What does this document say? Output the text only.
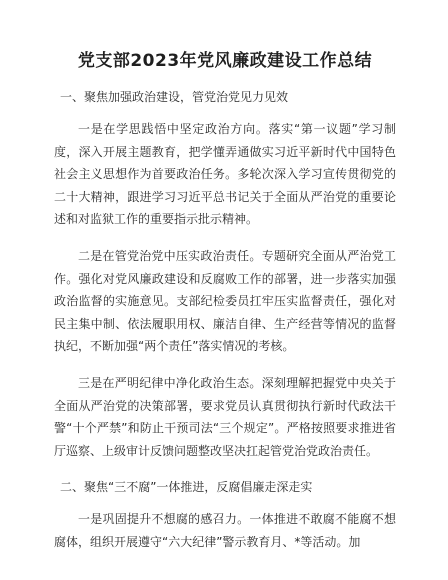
党支部2023年党风廉政建设工作总结

一、聚焦加强政治建设，管党治党见力见效

一是在学思践悟中坚定政治方向。落实“第一议题”学习制度，深入开展主题教育，把学懂弄通做实习近平新时代中国特色社会主义思想作为首要政治任务。多轮次深入学习宣传贯彻党的二十大精神，跟进学习习近平总书记关于全面从严治党的重要论述和对监狱工作的重要指示批示精神。

二是在管党治党中压实政治责任。专题研究全面从严治党工作。强化对党风廉政建设和反腐败工作的部署，进一步落实加强政治监督的实施意见。支部纪检委员扛牢压实监督责任，强化对民主集中制、依法履职用权、廉洁自律、生产经营等情况的监督执纪，不断加强“两个责任”落实情况的考核。

三是在严明纪律中净化政治生态。深刻理解把握党中央关于全面从严治党的决策部署，要求党员认真贯彻执行新时代政法干警“十个严禁”和防止干预司法“三个规定”。严格按照要求推进省厅巡察、上级审计反馈问题整改坚决扛起管党治党政治责任。

二、聚焦“三不腐”一体推进，反腐倡廉走深走实

一是巩固提升不想腐的感召力。一体推进不敢腐不能腐不想腐体，组织开展遵守“六大纪律”警示教育月、*等活动。加
